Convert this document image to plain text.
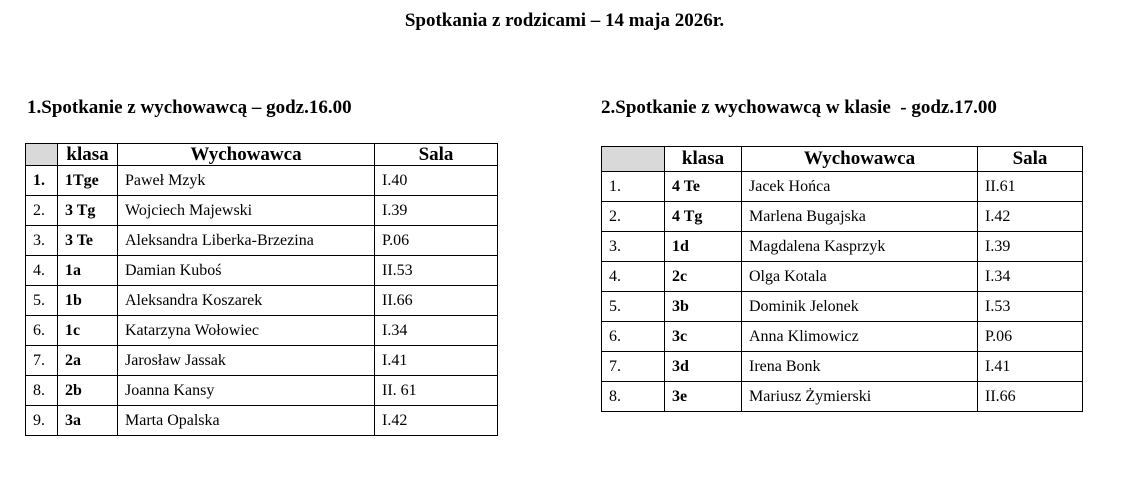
Spotkania z rodzicami – 14 maja 2026r.
1.Spotkanie z wychowawcą – godz.16.00	2.Spotkanie z wychowawcą w klasie  - godz.17.00
	klasa	Wychowawca	Sala
1.	1Tge	Paweł Mzyk	I.40
2.	3 Tg	Wojciech Majewski	I.39
3.	3 Te	Aleksandra Liberka-Brzezina	P.06
4.	1a	Damian Kuboś	II.53
5.	1b	Aleksandra Koszarek	II.66
6.	1c	Katarzyna Wołowiec	I.34
7.	2a	Jarosław Jassak	I.41
8.	2b	Joanna Kansy	II. 61
9.	3a	Marta Opalska	I.42
	klasa	Wychowawca	Sala
1.	4 Te	Jacek Hońca	II.61
2.	4 Tg	Marlena Bugajska	I.42
3.	1d	Magdalena Kasprzyk	I.39
4.	2c	Olga Kotala	I.34
5.	3b	Dominik Jelonek	I.53
6.	3c	Anna Klimowicz	P.06
7.	3d	Irena Bonk	I.41
8.	3e	Mariusz Żymierski	II.66
